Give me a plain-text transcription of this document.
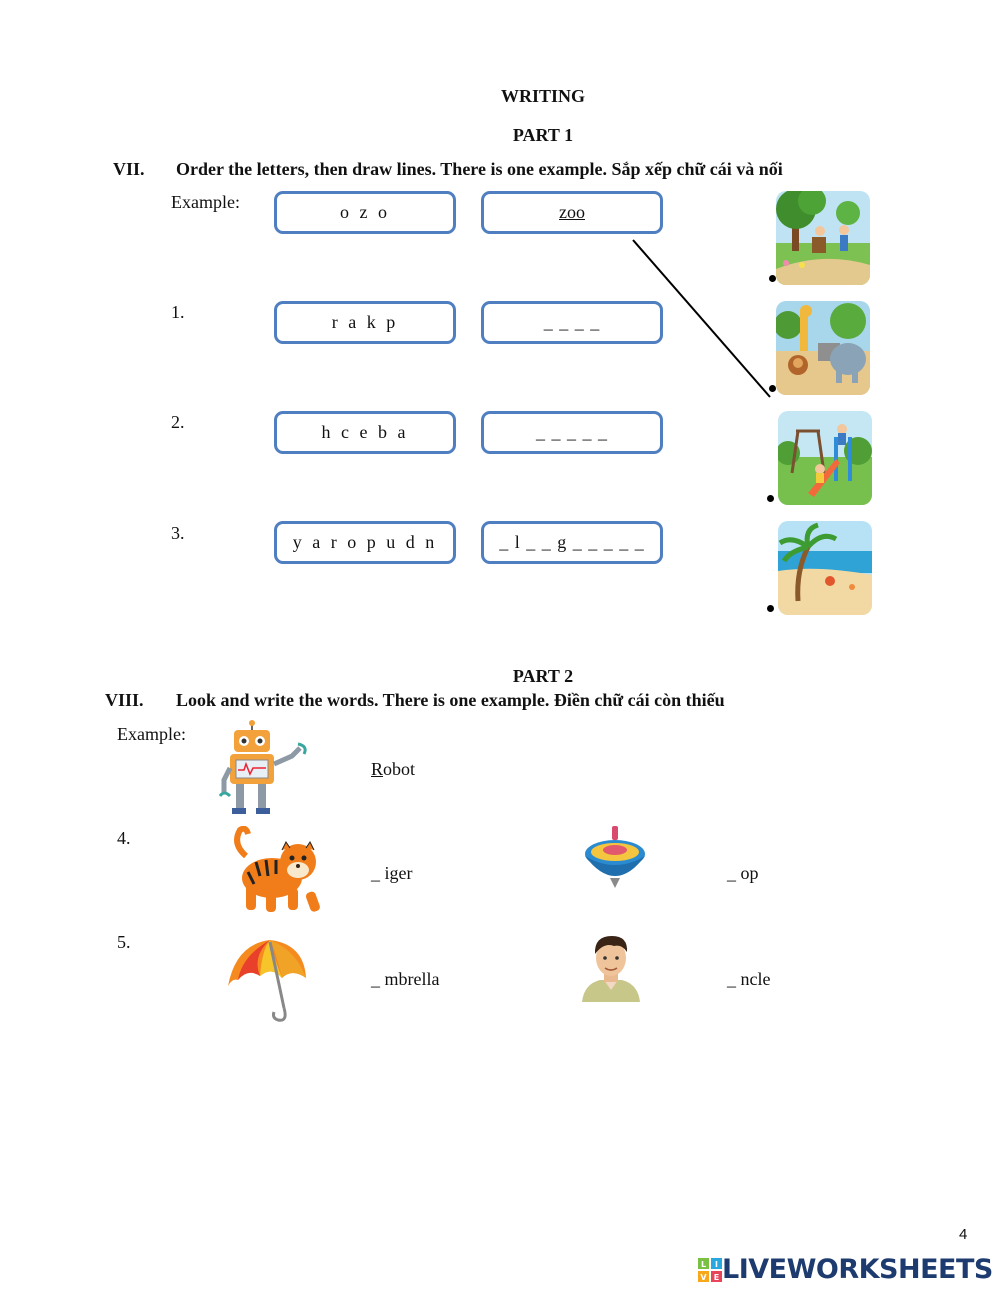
WRITING
PART 1
VII. Order the letters, then draw lines. There is one example. Sắp xếp chữ cái và nối
Example:	o z o	zoo
1.	r a k p	_ _ _ _
2.	h c e b a	_ _ _ _ _
3.	y a r o p u d n	_ l _ _ g _ _ _ _ _
PART 2
VIII. Look and write the words. There is one example. Điền chữ cái còn thiếu
Example:
Robot
4.
_ iger	_ op
5.
_ mbrella	_ ncle
4
L I
V E LIVEWORKSHEETS
